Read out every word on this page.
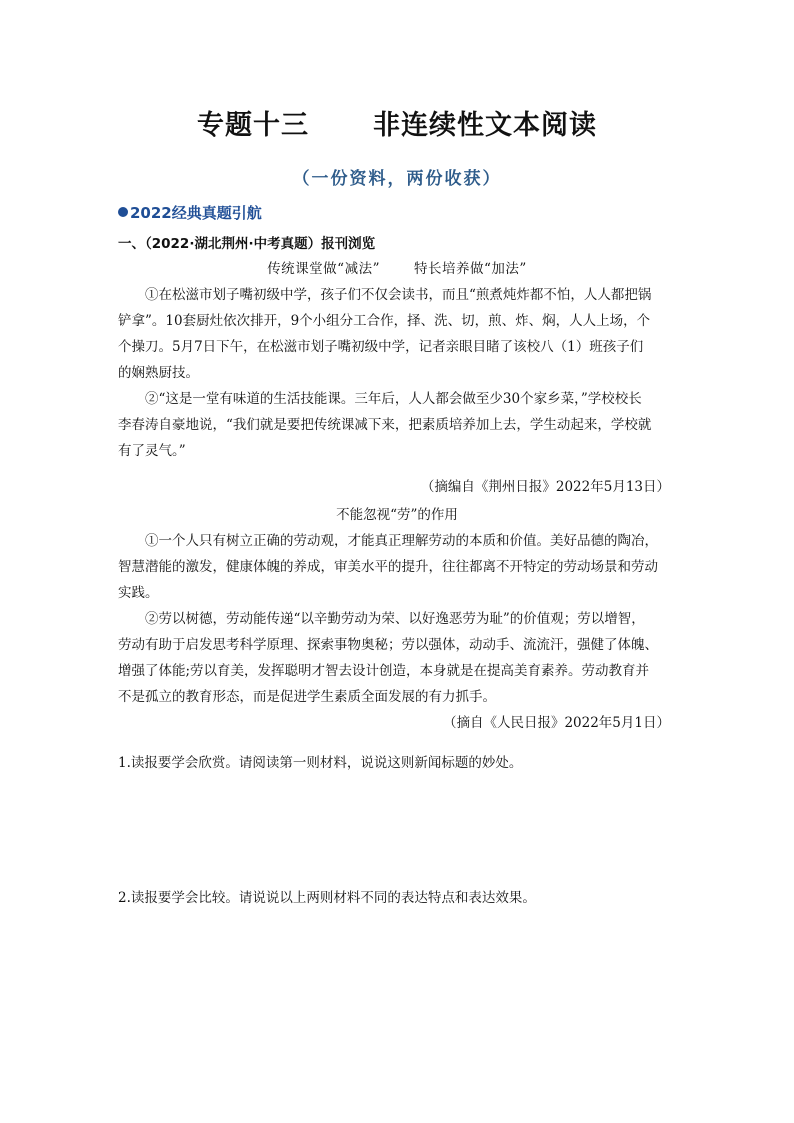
专题十三 非连续性文本阅读
（一份资料，两份收获）
2022经典真题引航
一、（2022·湖北荆州·中考真题）报刊浏览
传统课堂做“减法”	特长培养做“加法”
①在松滋市划子嘴初级中学，孩子们不仅会读书，而且“煎煮炖炸都不怕，人人都把锅
铲拿”。10套厨灶依次排开，9个小组分工合作，择、洗、切，煎、炸、焖，人人上场，个
个操刀。5月7日下午，在松滋市划子嘴初级中学，记者亲眼目睹了该校八（1）班孩子们
的娴熟厨技。
②“这是一堂有味道的生活技能课。三年后，人人都会做至少30个家乡菜，”学校校长
李春涛自豪地说，“我们就是要把传统课减下来，把素质培养加上去，学生动起来，学校就
有了灵气。”
（摘编自《荆州日报》2022年5月13日）
不能忽视“劳”的作用
①一个人只有树立正确的劳动观，才能真正理解劳动的本质和价值。美好品德的陶冶，
智慧潜能的激发，健康体魄的养成，审美水平的提升，往往都离不开特定的劳动场景和劳动
实践。
②劳以树德，劳动能传递“以辛勤劳动为荣、以好逸恶劳为耻”的价值观；劳以增智，
劳动有助于启发思考科学原理、探索事物奥秘；劳以强体，动动手、流流汗，强健了体魄、
增强了体能;劳以育美，发挥聪明才智去设计创造，本身就是在提高美育素养。劳动教育并
不是孤立的教育形态，而是促进学生素质全面发展的有力抓手。
（摘自《人民日报》2022年5月1日）
1.读报要学会欣赏。请阅读第一则材料，说说这则新闻标题的妙处。
2.读报要学会比较。请说说以上两则材料不同的表达特点和表达效果。
